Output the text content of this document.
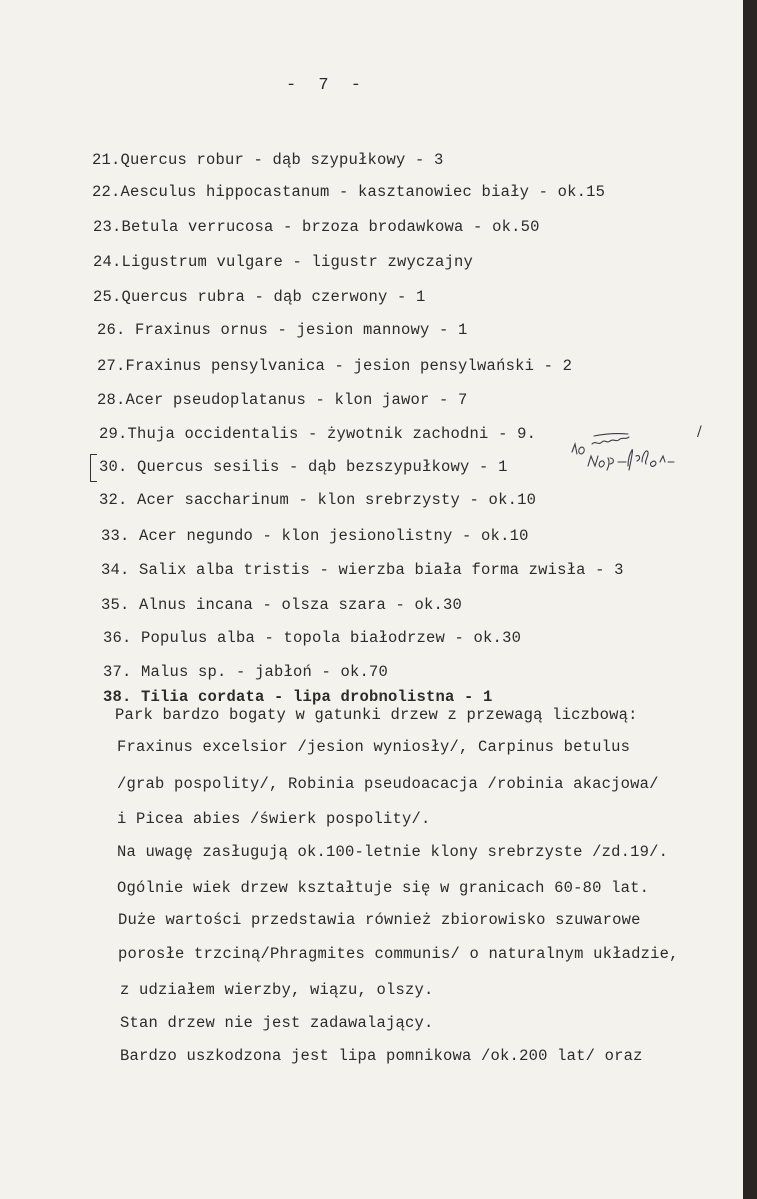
- 7 -
21.Quercus robur - dąb szypułkowy - 3
22.Aesculus hippocastanum - kasztanowiec biały - ok.15
23.Betula verrucosa - brzoza brodawkowa - ok.50
24.Ligustrum vulgare - ligustr zwyczajny
25.Quercus rubra - dąb czerwony - 1
26. Fraxinus ornus - jesion mannowy - 1
27.Fraxinus pensylvanica - jesion pensylwański - 2
28.Acer pseudoplatanus - klon jawor - 7
29.Thuja occidentalis - żywotnik zachodni - 9.
30. Quercus sesilis - dąb bezszypułkowy - 1
32. Acer saccharinum - klon srebrzysty - ok.10
33. Acer negundo - klon jesionolistny - ok.10
34. Salix alba tristis - wierzba biała forma zwisła - 3
35. Alnus incana - olsza szara - ok.30
36. Populus alba - topola białodrzew - ok.30
37. Malus sp. - jabłoń - ok.70
38. Tilia cordata - lipa drobnolistna - 1
Park bardzo bogaty w gatunki drzew z przewagą liczbową:
Fraxinus excelsior /jesion wyniosły/, Carpinus betulus
/grab pospolity/, Robinia pseudoacacja /robinia akacjowa/
i Picea abies /świerk pospolity/.
Na uwagę zasługują ok.100-letnie klony srebrzyste /zd.19/.
Ogólnie wiek drzew kształtuje się w granicach 60-80 lat.
Duże wartości przedstawia również zbiorowisko szuwarowe
porosłe trzciną/Phragmites communis/ o naturalnym układzie,
z udziałem wierzby, wiązu, olszy.
Stan drzew nie jest zadawalający.
Bardzo uszkodzona jest lipa pomnikowa /ok.200 lat/ oraz
/
